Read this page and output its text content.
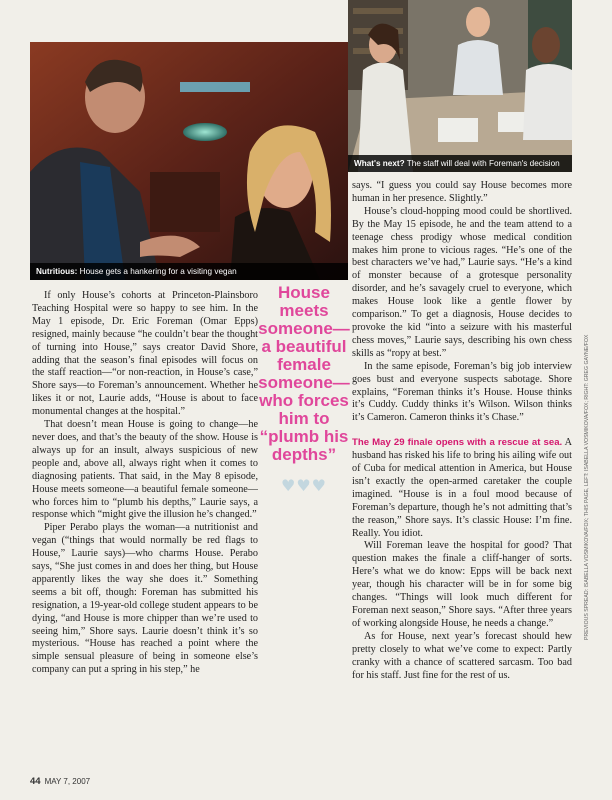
Nutritious: House gets a hankering for a visiting vegan
What's next? The staff will deal with Foreman's decision

If only House’s cohorts at Princeton-Plainsboro Teaching Hospital were so happy to see him. In the May 1 episode, Dr. Eric Foreman (Omar Epps) resigned, mainly because “he couldn’t bear the thought of turning into House,” says creator David Shore, adding that the season’s final episodes will focus on the staff reaction—“or non-reaction, in House’s case,” Shore says—to Foreman’s announcement. Whether he likes it or not, Laurie adds, “House is about to face monumental changes at the hospital.”

That doesn’t mean House is going to change—he never does, and that’s the beauty of the show. House is always up for an insult, always suspicious of new people and, above all, always right when it comes to diagnosing patients. That said, in the May 8 episode, House meets someone—a beautiful female someone—who forces him to “plumb his depths,” Laurie says, a response which “might give the illusion he’s changed.”

Piper Perabo plays the woman—a nutritionist and vegan (“things that would normally be red flags to House,” Laurie says)—who charms House. Perabo says, “She just comes in and does her thing, but House apparently likes the way she does it.” Something seems a bit off, though: Foreman has submitted his resignation, a 19-year-old college student appears to be dying, “and House is more chipper than we’re used to seeing him,” Shore says. Laurie doesn’t think it’s so mysterious. “House has reached a point where the simple sensual pleasure of being in someone else’s company can put a spring in his step,” he

House meets someone— a beautiful female someone— who forces him to “plumb his depths”
♥♥♥

says. “I guess you could say House becomes more human in her presence. Slightly.”

House’s cloud-hopping mood could be shortlived. By the May 15 episode, he and the team attend to a teenage chess prodigy whose medical condition makes him prone to vicious rages. “He’s one of the best characters we’ve had,” Laurie says. “He’s a kind of monster because of a grotesque personality disorder, and he’s savagely cruel to everyone, which makes House look like a gentle flower by comparison.” To get a diagnosis, House decides to provoke the kid “into a seizure with his masterful chess moves,” Laurie says, describing his own chess skills as “ropy at best.”

In the same episode, Foreman’s big job interview goes bust and everyone suspects sabotage. Shore explains, “Foreman thinks it’s House. House thinks it’s Cuddy. Cuddy thinks it’s Wilson. Wilson thinks it’s Cameron. Cameron thinks it’s Chase.”

The May 29 finale opens with a rescue at sea. A husband has risked his life to bring his ailing wife out of Cuba for medical attention in America, but House isn’t exactly the open-armed caretaker the couple imagined. “House is in a foul mood because of Foreman’s departure, though he’s not admitting that’s the reason,” Shore says. It’s classic House: I’m fine. Really. You idiot.

Will Foreman leave the hospital for good? That question makes the finale a cliff-hanger of sorts. Here’s what we do know: Epps will be back next year, though his character will be in for some big changes. “Things will look much different for Foreman next season,” Shore says. “After three years of working alongside House, he needs a change.”

As for House, next year’s forecast should hew pretty closely to what we’ve come to expect: Partly cranky with a chance of scattered sarcasm. Too bad for his staff. Just fine for the rest of us.

44 MAY 7, 2007
PREVIOUS SPREAD: ISABELLA VOSMIKOVA/FOX; THIS PAGE, LEFT: ISABELLA VOSMIKOVA/FOX; RIGHT: GREG GAYNE/FOX
